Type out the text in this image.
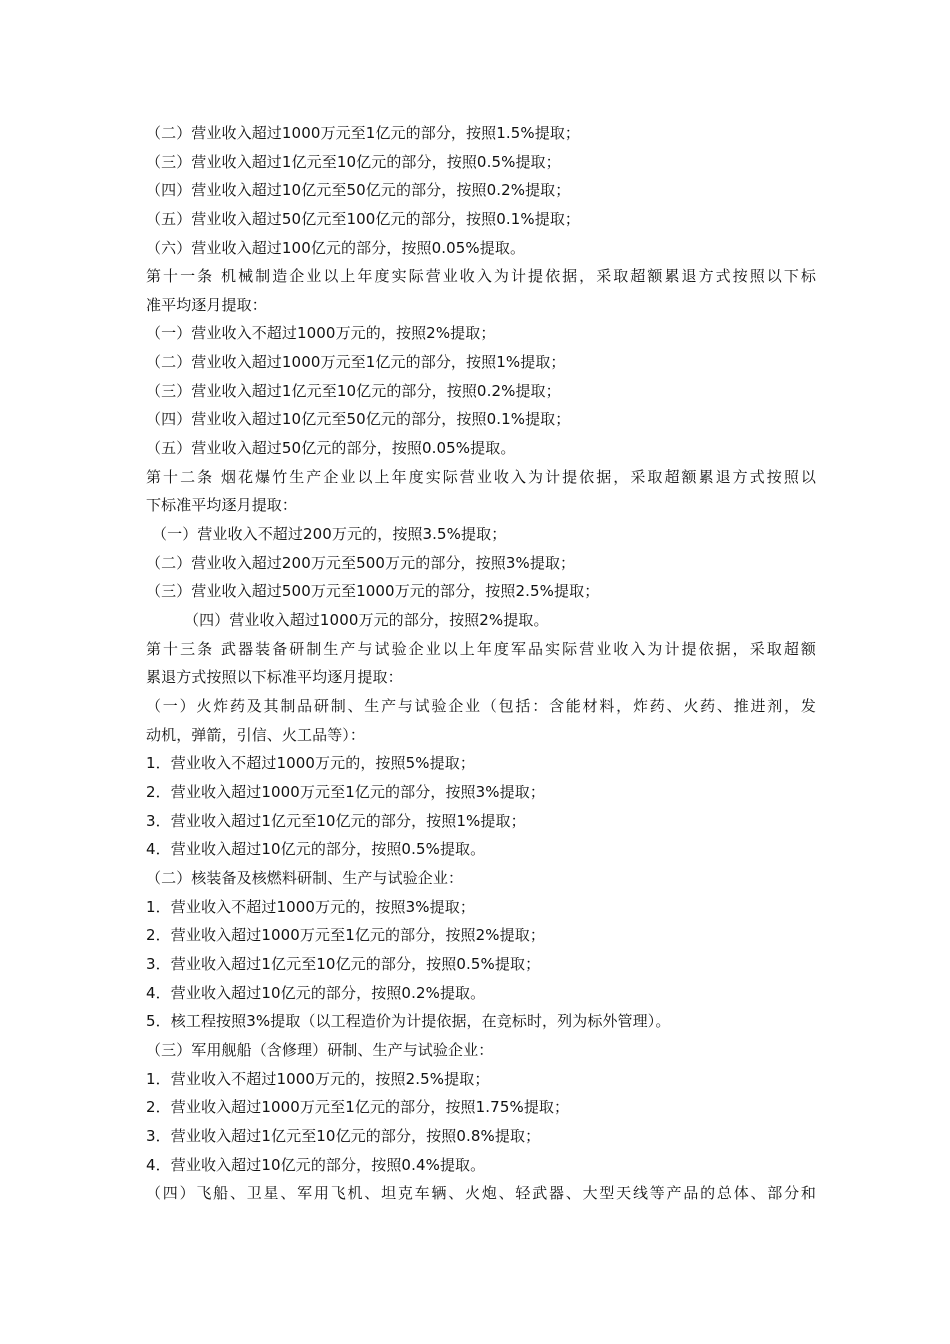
（二）营业收入超过1000万元至1亿元的部分，按照1.5%提取；
（三）营业收入超过1亿元至10亿元的部分，按照0.5%提取；
（四）营业收入超过10亿元至50亿元的部分，按照0.2%提取；
（五）营业收入超过50亿元至100亿元的部分，按照0.1%提取；
（六）营业收入超过100亿元的部分，按照0.05%提取。
第十一条 机械制造企业以上年度实际营业收入为计提依据，采取超额累退方式按照以下标
准平均逐月提取：
（一）营业收入不超过1000万元的，按照2%提取；
（二）营业收入超过1000万元至1亿元的部分，按照1%提取；
（三）营业收入超过1亿元至10亿元的部分，按照0.2%提取；
（四）营业收入超过10亿元至50亿元的部分，按照0.1%提取；
（五）营业收入超过50亿元的部分，按照0.05%提取。
第十二条 烟花爆竹生产企业以上年度实际营业收入为计提依据，采取超额累退方式按照以
下标准平均逐月提取：
（一）营业收入不超过200万元的，按照3.5%提取；
（二）营业收入超过200万元至500万元的部分，按照3%提取；
（三）营业收入超过500万元至1000万元的部分，按照2.5%提取；
（四）营业收入超过1000万元的部分，按照2%提取。
第十三条 武器装备研制生产与试验企业以上年度军品实际营业收入为计提依据，采取超额
累退方式按照以下标准平均逐月提取：
（一）火炸药及其制品研制、生产与试验企业（包括：含能材料，炸药、火药、推进剂，发
动机，弹箭，引信、火工品等）：
1．营业收入不超过1000万元的，按照5%提取；
2．营业收入超过1000万元至1亿元的部分，按照3%提取；
3．营业收入超过1亿元至10亿元的部分，按照1%提取；
4．营业收入超过10亿元的部分，按照0.5%提取。
（二）核装备及核燃料研制、生产与试验企业：
1．营业收入不超过1000万元的，按照3%提取；
2．营业收入超过1000万元至1亿元的部分，按照2%提取；
3．营业收入超过1亿元至10亿元的部分，按照0.5%提取；
4．营业收入超过10亿元的部分，按照0.2%提取。
5．核工程按照3%提取（以工程造价为计提依据，在竞标时，列为标外管理）。
（三）军用舰船（含修理）研制、生产与试验企业：
1．营业收入不超过1000万元的，按照2.5%提取；
2．营业收入超过1000万元至1亿元的部分，按照1.75%提取；
3．营业收入超过1亿元至10亿元的部分，按照0.8%提取；
4．营业收入超过10亿元的部分，按照0.4%提取。
（四）飞船、卫星、军用飞机、坦克车辆、火炮、轻武器、大型天线等产品的总体、部分和
